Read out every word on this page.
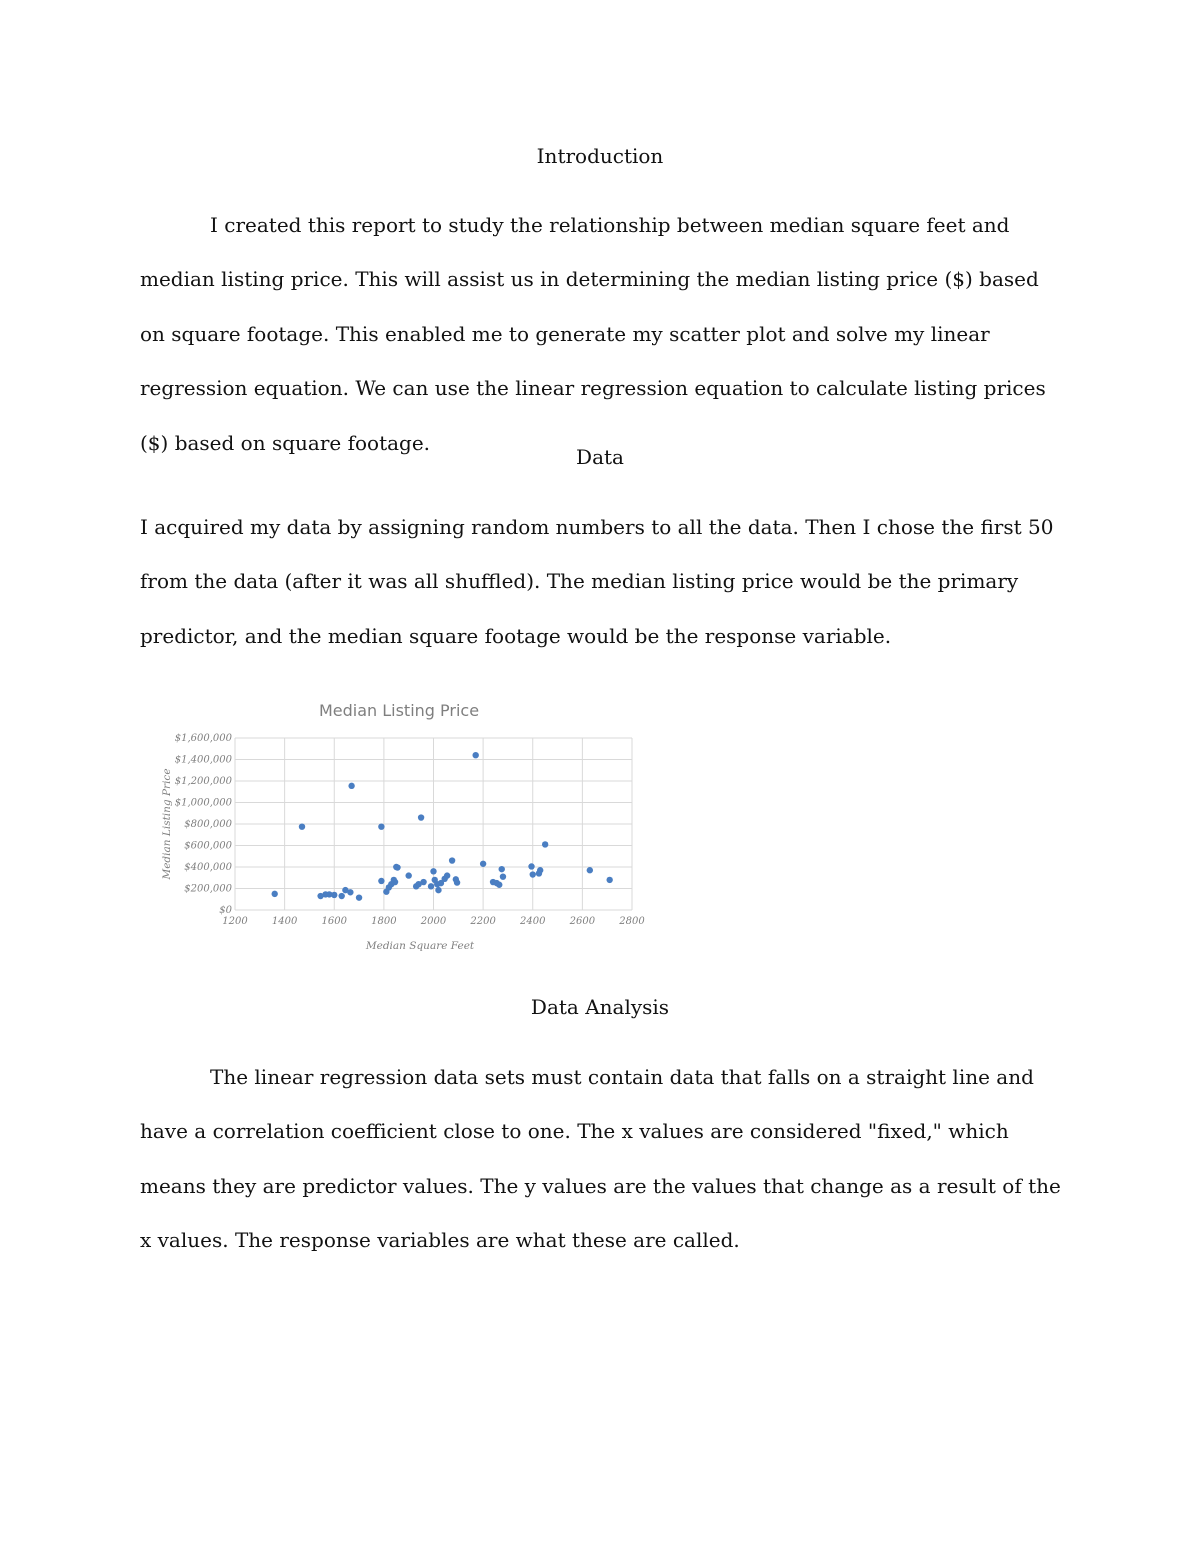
Introduction

I created this report to study the relationship between median square feet and median listing price. This will assist us in determining the median listing price ($) based on square footage. This enabled me to generate my scatter plot and solve my linear regression equation. We can use the linear regression equation to calculate listing prices ($) based on square footage.

Data

I acquired my data by assigning random numbers to all the data. Then I chose the first 50 from the data (after it was all shuffled). The median listing price would be the primary predictor, and the median square footage would be the response variable.

Median Listing Price
$0
$200,000
$400,000
$600,000
$800,000
$1,000,000
$1,200,000
$1,400,000
$1,600,000
1200 1400 1600 1800 2000 2200 2400 2600 2800
Median Square Feet
Median Listing Price
Data Analysis

The linear regression data sets must contain data that falls on a straight line and have a correlation coefficient close to one. The x values are considered "fixed," which means they are predictor values. The y values are the values that change as a result of the x values. The response variables are what these are called.
